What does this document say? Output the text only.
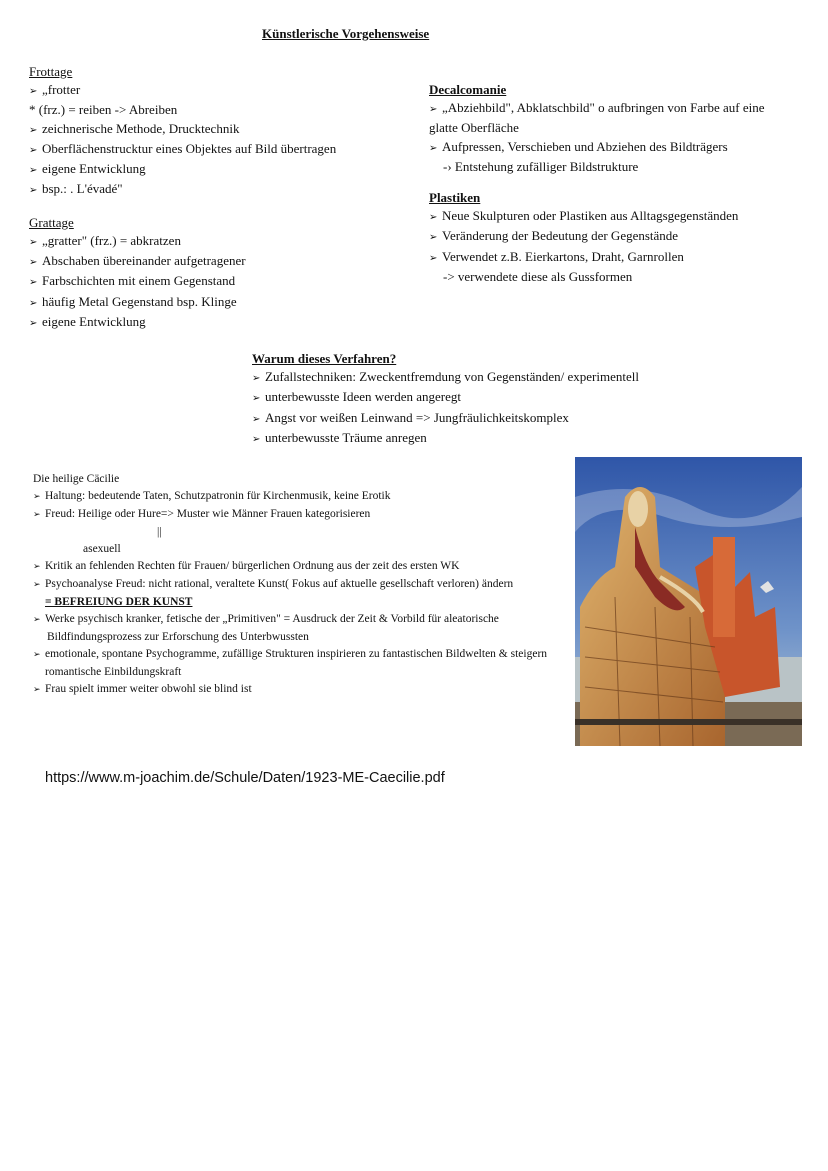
Künstlerische Vorgehensweise
Frottage
➢ „frotter
* (frz.) = reiben -> Abreiben
➢ zeichnerische Methode, Drucktechnik
➢ Oberflächenstrucktur eines Objektes auf Bild übertragen
➢ eigene Entwicklung
➢ bsp.: . L'évadé"
Grattage
➢ „gratter" (frz.) = abkratzen
➢ Abschaben übereinander aufgetragener
➢ Farbschichten mit einem Gegenstand
➢ häufig Metal Gegenstand bsp. Klinge
➢ eigene Entwicklung
Decalcomanie
➢ „Abziehbild", Abklatschbild" o aufbringen von Farbe auf eine
glatte Oberfläche
➢ Aufpressen, Verschieben und Abziehen des Bildträgers
-› Entstehung zufälliger Bildstrukture
Plastiken
➢ Neue Skulpturen oder Plastiken aus Alltagsgegenständen
➢ Veränderung der Bedeutung der Gegenstände
➢ Verwendet z.B. Eierkartons, Draht, Garnrollen
-> verwendete diese als Gussformen
Warum dieses Verfahren?
➢ Zufallstechniken: Zweckentfremdung von Gegenständen/ experimentell
➢ unterbewusste Ideen werden angeregt
➢ Angst vor weißen Leinwand => Jungfräulichkeitskomplex
➢ unterbewusste Träume anregen
Die heilige Cäcilie
➢ Haltung: bedeutende Taten, Schutzpatronin für Kirchenmusik, keine Erotik
➢ Freud: Heilige oder Hure=> Muster wie Männer Frauen kategorisieren
||
asexuell
➢ Kritik an fehlenden Rechten für Frauen/ bürgerlichen Ordnung aus der zeit des ersten WK
➢ Psychoanalyse Freud: nicht rational, veraltete Kunst( Fokus auf aktuelle gesellschaft verloren) ändern
= BEFREIUNG DER KUNST
➢ Werke psychisch kranker, fetische der „Primitiven" = Ausdruck der Zeit & Vorbild für aleatorische
Bildfindungsprozess zur Erforschung des Unterbwussten
➢ emotionale, spontane Psychogramme, zufällige Strukturen inspirieren zu fantastischen Bildwelten & steigern
romantische Einbildungskraft
➢ Frau spielt immer weiter obwohl sie blind ist
https://www.m-joachim.de/Schule/Daten/1923-ME-Caecilie.pdf
